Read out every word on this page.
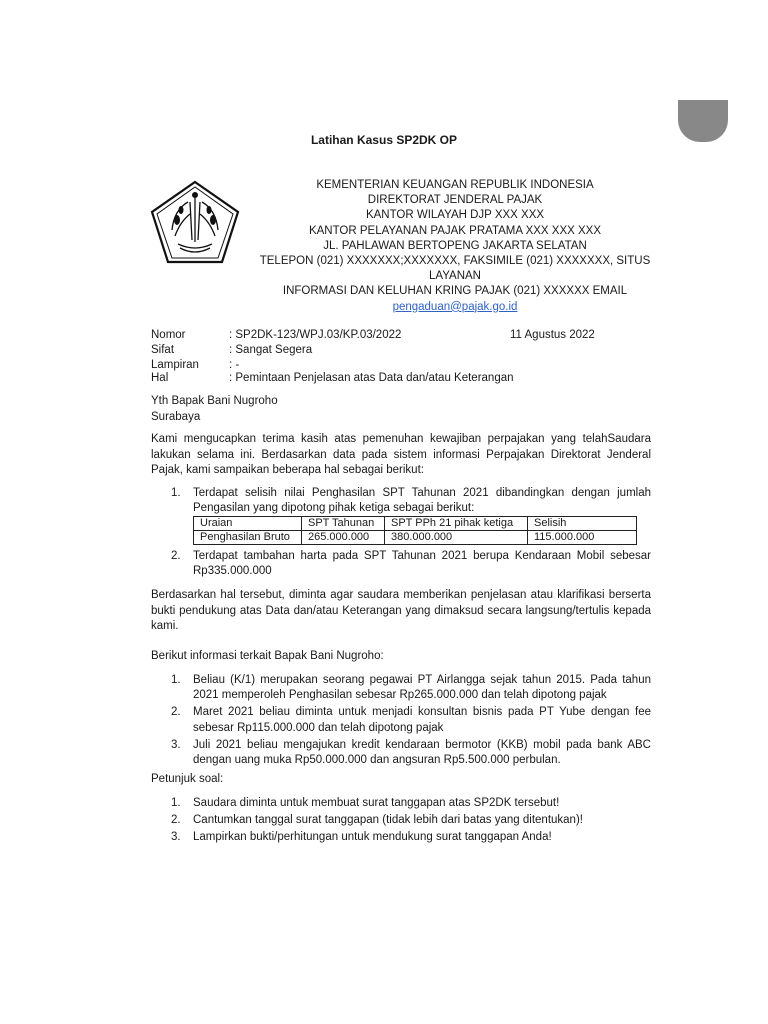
Latihan Kasus SP2DK OP
KEMENTERIAN KEUANGAN REPUBLIK INDONESIA
DIREKTORAT JENDERAL PAJAK
KANTOR WILAYAH DJP XXX XXX
KANTOR PELAYANAN PAJAK PRATAMA XXX XXX XXX
JL. PAHLAWAN BERTOPENG JAKARTA SELATAN
TELEPON (021) XXXXXXX;XXXXXXX, FAKSIMILE (021) XXXXXXX, SITUS LAYANAN
INFORMASI DAN KELUHAN KRING PAJAK (021) XXXXXX EMAIL
pengaduan@pajak.go.id
Nomor	: SP2DK-123/WPJ.03/KP.03/2022
Sifat	: Sangat Segera
Lampiran	: -
Hal	: Pemintaan Penjelasan atas Data dan/atau Keterangan
11 Agustus 2022
Yth Bapak Bani Nugroho
Surabaya
Kami mengucapkan terima kasih atas pemenuhan kewajiban perpajakan yang telahSaudara lakukan selama ini. Berdasarkan data pada sistem informasi Perpajakan Direktorat Jenderal Pajak, kami sampaikan beberapa hal sebagai berikut:
1. Terdapat selisih nilai Penghasilan SPT Tahunan 2021 dibandingkan dengan jumlah Pengasilan yang dipotong pihak ketiga sebagai berikut:
Uraian	SPT Tahunan	SPT PPh 21 pihak ketiga	Selisih
Penghasilan Bruto	265.000.000	380.000.000	115.000.000
2. Terdapat tambahan harta pada SPT Tahunan 2021 berupa Kendaraan Mobil sebesar Rp335.000.000
Berdasarkan hal tersebut, diminta agar saudara memberikan penjelasan atau klarifikasi berserta bukti pendukung atas Data dan/atau Keterangan yang dimaksud secara langsung/tertulis kepada kami.
Berikut informasi terkait Bapak Bani Nugroho:
1. Beliau (K/1) merupakan seorang pegawai PT Airlangga sejak tahun 2015. Pada tahun 2021 memperoleh Penghasilan sebesar Rp265.000.000 dan telah dipotong pajak
2. Maret 2021 beliau diminta untuk menjadi konsultan bisnis pada PT Yube dengan fee sebesar Rp115.000.000 dan telah dipotong pajak
3. Juli 2021 beliau mengajukan kredit kendaraan bermotor (KKB) mobil pada bank ABC dengan uang muka Rp50.000.000 dan angsuran Rp5.500.000 perbulan.
Petunjuk soal:
1. Saudara diminta untuk membuat surat tanggapan atas SP2DK tersebut!
2. Cantumkan tanggal surat tanggapan (tidak lebih dari batas yang ditentukan)!
3. Lampirkan bukti/perhitungan untuk mendukung surat tanggapan Anda!
